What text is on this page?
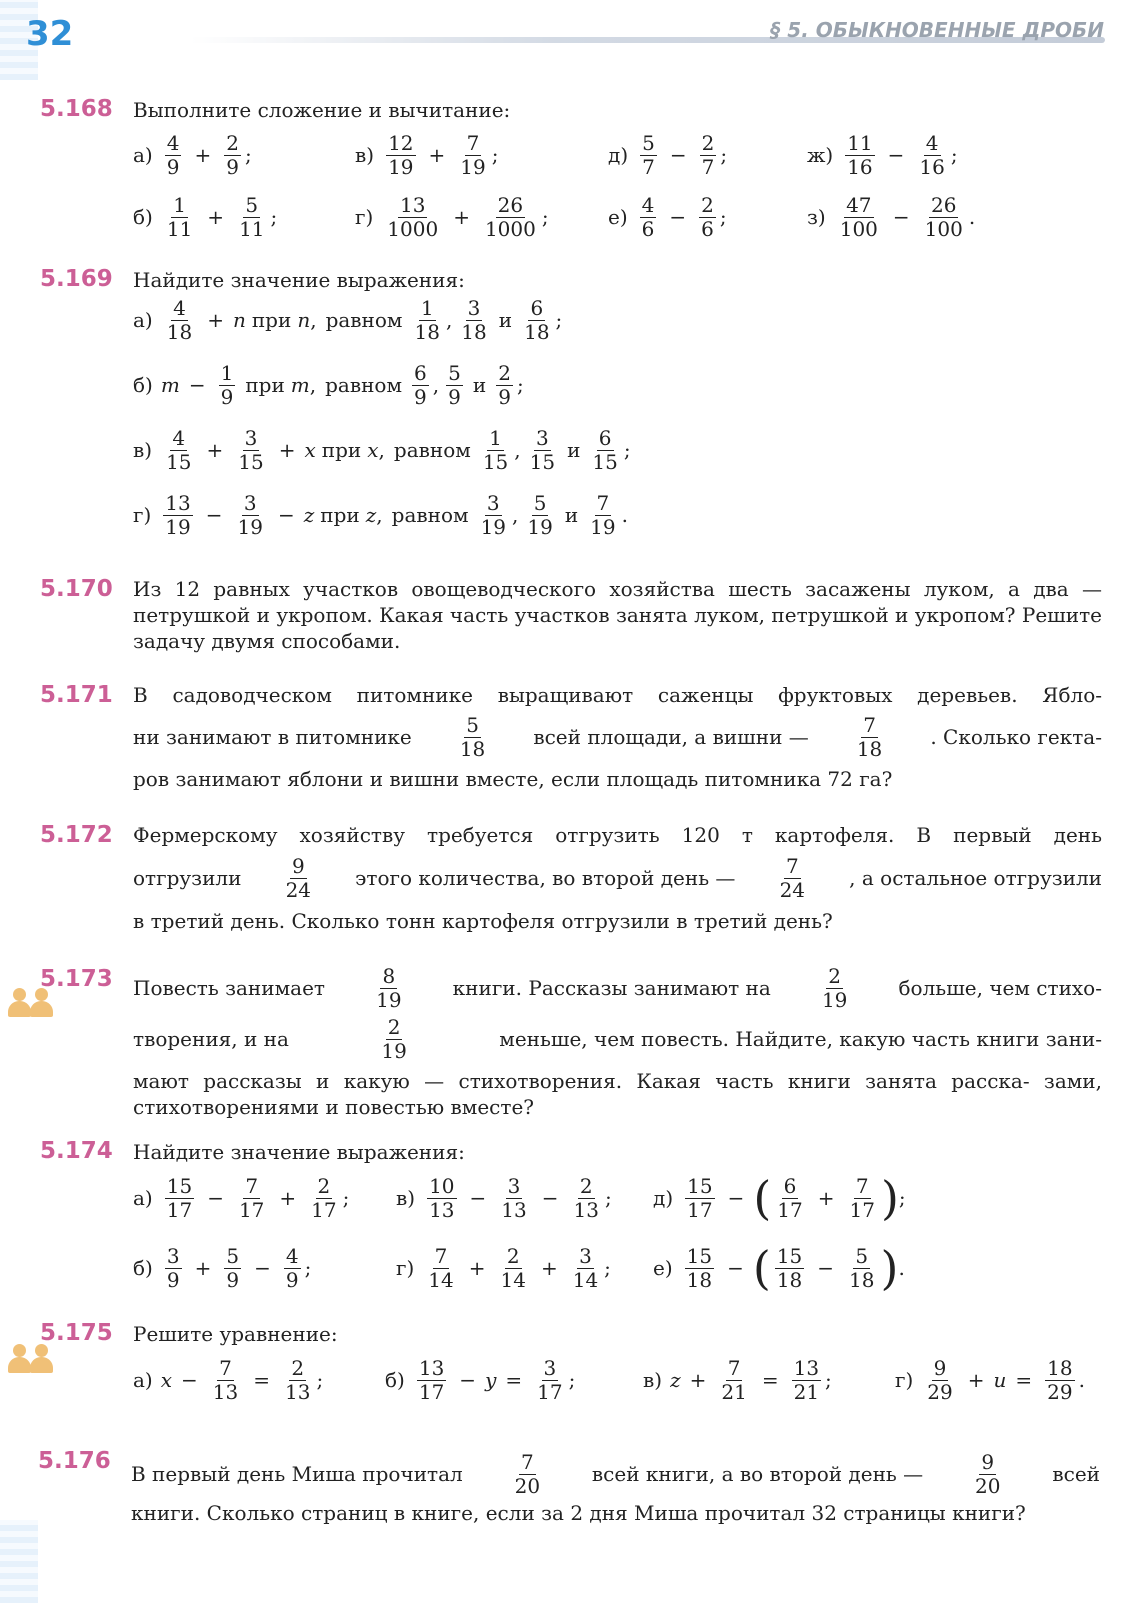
32	§ 5. ОБЫКНОВЕННЫЕ ДРОБИ
5.168 Выполните сложение и вычитание:
$а) \frac{4}{9} + \frac{2}{9}$ ;	$в) \frac{12}{19} + \frac{7}{19}$ ;	$д) \frac{5}{7} - \frac{2}{7}$ ;	$ж) \frac{11}{16} - \frac{4}{16}$ ;
$б) \frac{1}{11} + \frac{5}{11}$ ;	$г) \frac{13}{1000} + \frac{26}{1000}$ ;	$е) \frac{4}{6} - \frac{2}{6}$ ;	$з) \frac{47}{100} - \frac{26}{100}$ .
5.169 Найдите значение выражения:
$а) \frac{4}{18} + n$ при n , равном $\frac{1}{18}$ , $\frac{3}{18}$ и $\frac{6}{18}$ ;
б) $m - \frac{1}{9}$ при m , равном $\frac{6}{9}$ , $\frac{5}{9}$ и $\frac{2}{9}$ ;
$в) \frac{4}{15} + \frac{3}{15} + x$ при x , равном $\frac{1}{15}$ , $\frac{3}{15}$ и $\frac{6}{15}$ ;
$г) \frac{13}{19} - \frac{3}{19} - z$ при z , равном $\frac{3}{19}$ , $\frac{5}{19}$ и $\frac{7}{19}$ .
5.170 Из 12 равных участков овощеводческого хозяйства шесть засажены луком, а два — петрушкой и укропом. Какая часть участков занята луком, петрушкой и укропом? Решите задачу двумя способами.
5.171 В садоводческом питомнике выращивают саженцы фруктовых деревьев. Ябло-
ни занимают в питомнике $\frac{5}{18}$ всей площади, а вишни — $\frac{7}{18}$ . Сколько гекта-
ров занимают яблони и вишни вместе, если площадь питомника 72 га?
5.172 Фермерскому хозяйству требуется отгрузить 120 т картофеля. В первый день
отгрузили $\frac{9}{24}$ этого количества, во второй день — $\frac{7}{24}$ , а остальное отгрузили
в третий день. Сколько тонн картофеля отгрузили в третий день?
5.173 Повесть занимает $\frac{8}{19}$ книги. Рассказы занимают на $\frac{2}{19}$ больше, чем стихо-
творения, и на	$\frac{2}{19}$	меньше, чем повесть. Найдите, какую часть книги зани-
мают рассказы и какую — стихотворения. Какая часть книги занята расска- зами, стихотворениями и повестью вместе?
5.174 Найдите значение выражения:
$а) \frac{15}{17} - \frac{7}{17} + \frac{2}{17}$ ; $в) \frac{10}{13} - \frac{3}{13} - \frac{2}{13}$ ; $д) \frac{15}{17}$ − ( $\frac{6}{17} + \frac{7}{17}$ ) ;
$б) \frac{3}{9} + \frac{5}{9} - \frac{4}{9}$ ;	$г) \frac{7}{14} + \frac{2}{14} + \frac{3}{14}$ ; $е) \frac{15}{18}$ − ( $\frac{15}{18} - \frac{5}{18}$ ) .
5.175 Решите уравнение:
а) $x - \frac{7}{13} = \frac{2}{13}$ ;	$б) \frac{13}{17} - y = \frac{3}{17}$ ;	в) $z + \frac{7}{21} = \frac{13}{21}$ ;	$г) \frac{9}{29} + u = \frac{18}{29}$ .
5.176 В первый день Миша прочитал $\frac{7}{20}$ всей книги, а во второй день — $\frac{9}{20}$ всей
книги. Сколько страниц в книге, если за 2 дня Миша прочитал 32 страницы книги?
